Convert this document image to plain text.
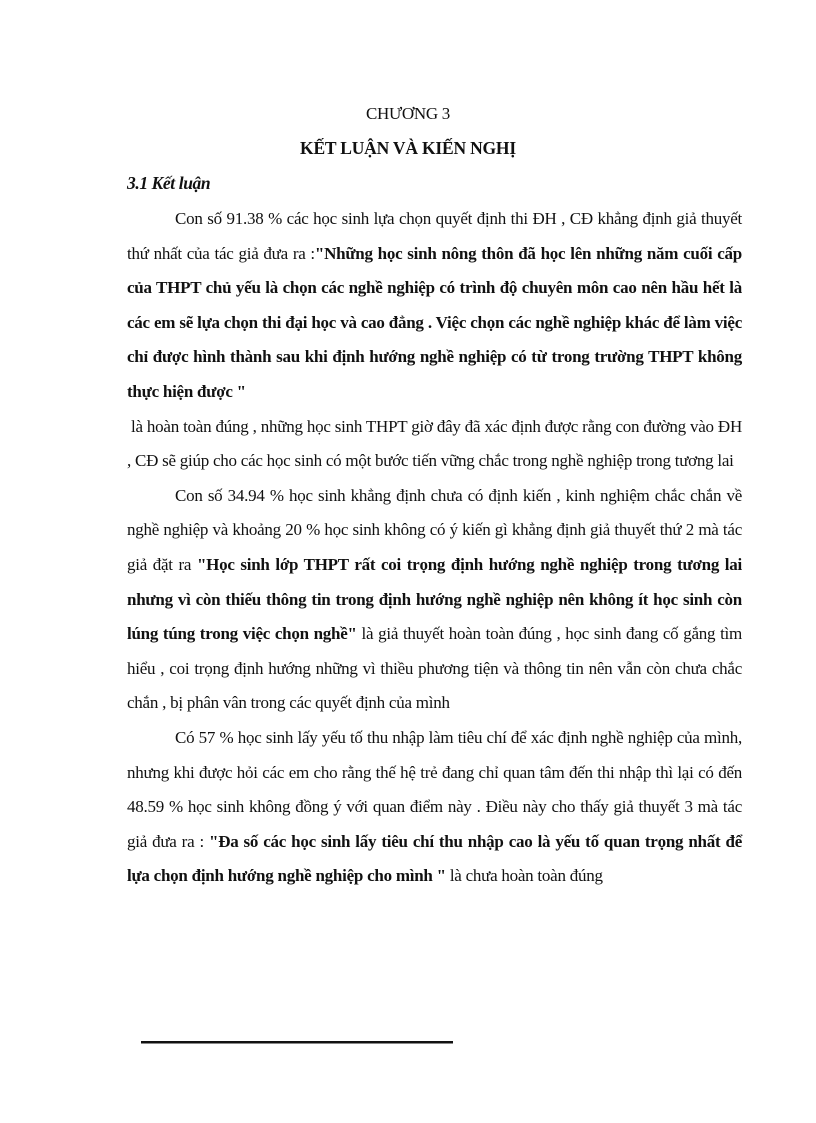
CHƯƠNG 3
KẾT LUẬN VÀ KIẾN NGHỊ
3.1 Kết luận

Con số 91.38 % các học sinh lựa chọn quyết định thi ĐH , CĐ khẳng định giả thuyết thứ nhất của tác giả đưa ra :"Những học sinh nông thôn đã học lên những năm cuối cấp của THPT chủ yếu là chọn các nghề nghiệp có trình độ chuyên môn cao nên hầu hết là các em sẽ lựa chọn thi đại học và cao đẳng . Việc chọn các nghề nghiệp khác để làm việc chỉ được hình thành sau khi định hướng nghề nghiệp có từ trong trường THPT không thực hiện được "
là hoàn toàn đúng , những học sinh THPT giờ đây đã xác định được rằng con đường vào ĐH , CĐ sẽ giúp cho các học sinh có một bước tiến vững chắc trong nghề nghiệp trong tương lai

Con số 34.94 % học sinh khẳng định chưa có định kiến , kinh nghiệm chắc chắn về nghề nghiệp và khoảng 20 % học sinh không có ý kiến gì khẳng định giả thuyết thứ 2 mà tác giả đặt ra "Học sinh lớp THPT rất coi trọng định hướng nghề nghiệp trong tương lai nhưng vì còn thiếu thông tin trong định hướng nghề nghiệp nên không ít học sinh còn lúng túng trong việc chọn nghề" là giả thuyết hoàn toàn đúng , học sinh đang cố gắng tìm hiểu , coi trọng định hướng những vì thiều phương tiện và thông tin nên vẫn còn chưa chắc chắn , bị phân vân trong các quyết định của mình

Có 57 % học sinh lấy yếu tố thu nhập làm tiêu chí để xác định nghề nghiệp của mình, nhưng khi được hỏi các em cho rằng thế hệ trẻ đang chỉ quan tâm đến thi nhập thì lại có đến 48.59 % học sinh không đồng ý với quan điểm này . Điều này cho thấy giả thuyết 3 mà tác giả đưa ra : "Đa số các học sinh lấy tiêu chí thu nhập cao là yếu tố quan trọng nhất để lựa chọn định hướng nghề nghiệp cho mình " là chưa hoàn toàn đúng
